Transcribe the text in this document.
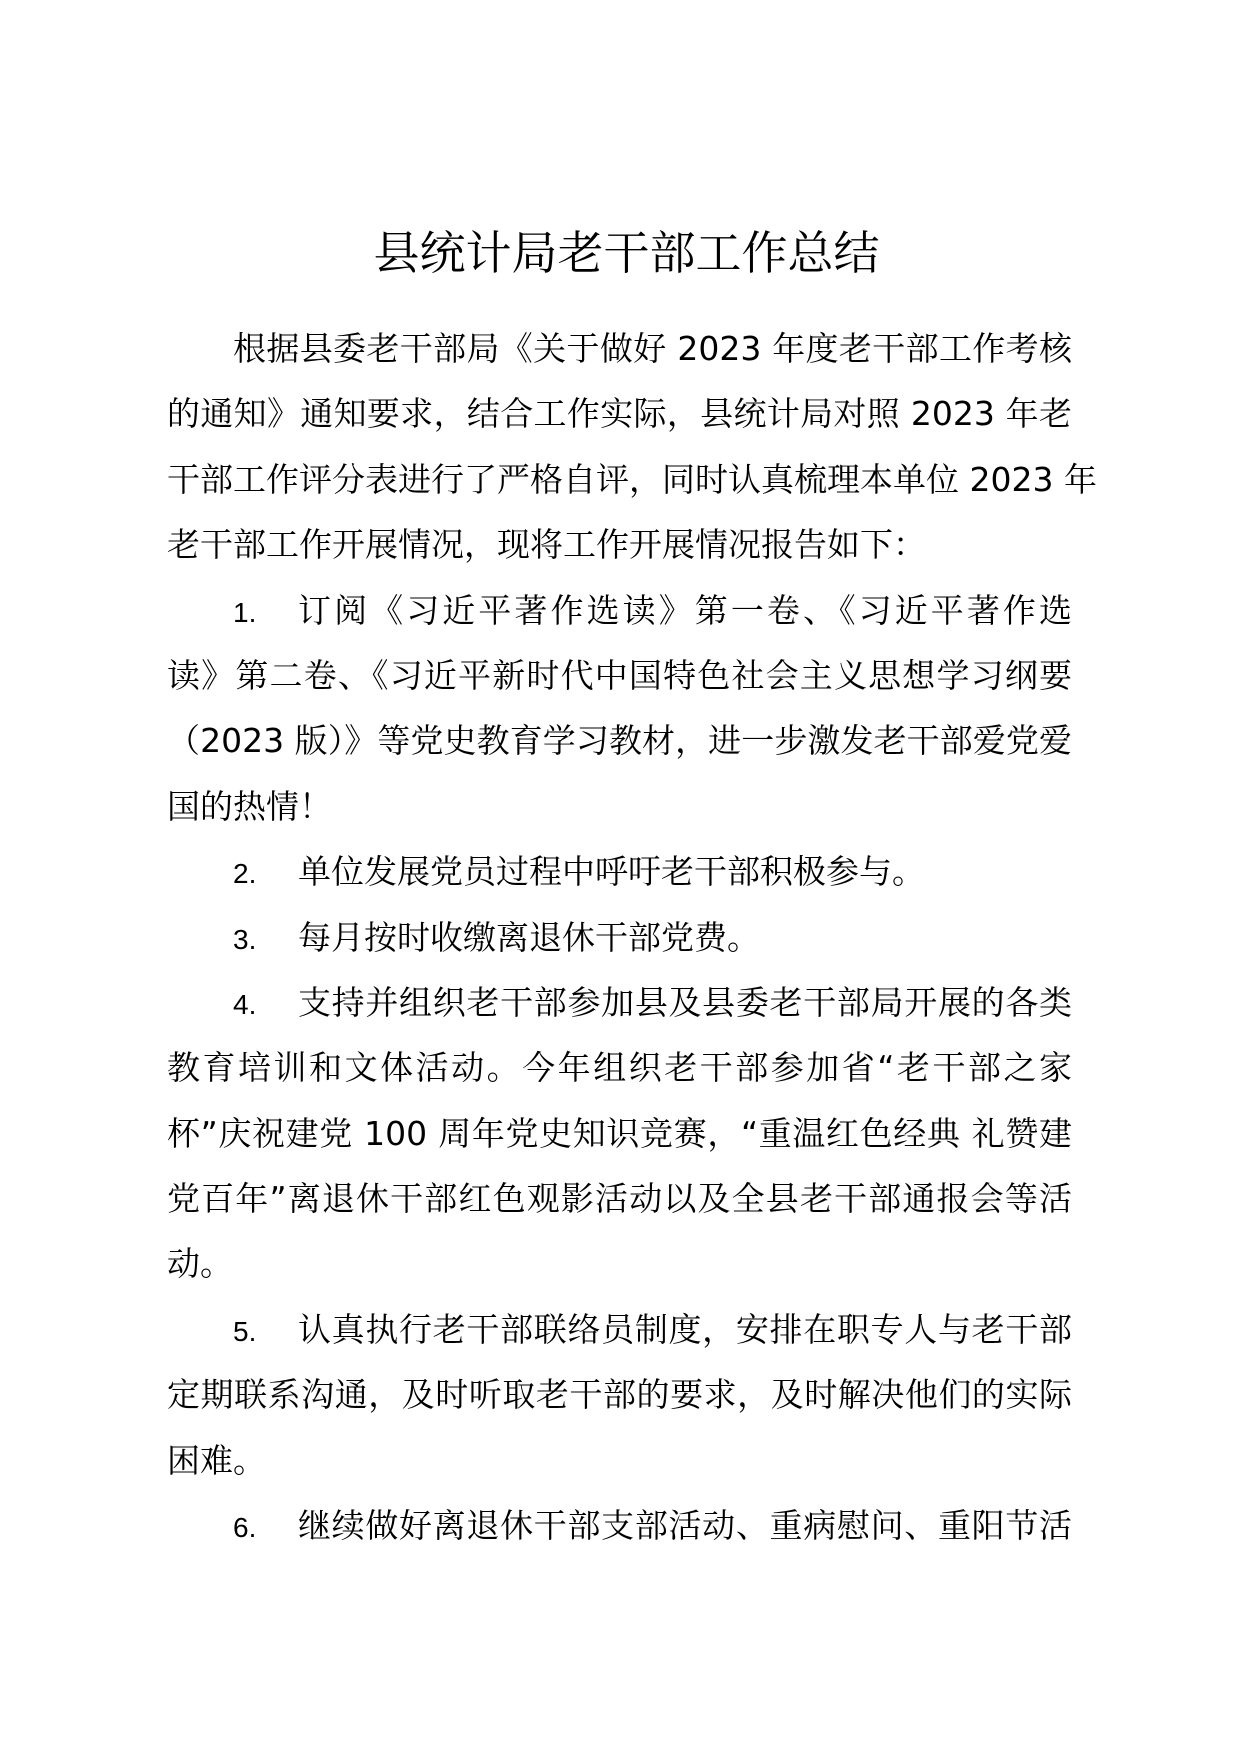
县统计局老干部工作总结
根据县委老干部局《关于做好 2023 年度老干部工作考核
的通知》通知要求，结合工作实际，县统计局对照 2023 年老
干部工作评分表进行了严格自评，同时认真梳理本单位 2023 年
老干部工作开展情况，现将工作开展情况报告如下：
1.	订阅《习近平著作选读》第一卷、《习近平著作选
读》第二卷、《习近平新时代中国特色社会主义思想学习纲要
（2023 版）》等党史教育学习教材，进一步激发老干部爱党爱
国的热情！
2.	单位发展党员过程中呼吁老干部积极参与。
3.	每月按时收缴离退休干部党费。
4.	支持并组织老干部参加县及县委老干部局开展的各类
教育培训和文体活动。今年组织老干部参加省“老干部之家
杯”庆祝建党 100 周年党史知识竞赛，“重温红色经典 礼赞建
党百年”离退休干部红色观影活动以及全县老干部通报会等活
动。
5.	认真执行老干部联络员制度，安排在职专人与老干部
定期联系沟通，及时听取老干部的要求，及时解决他们的实际
困难。
6.	继续做好离退休干部支部活动、重病慰问、重阳节活
